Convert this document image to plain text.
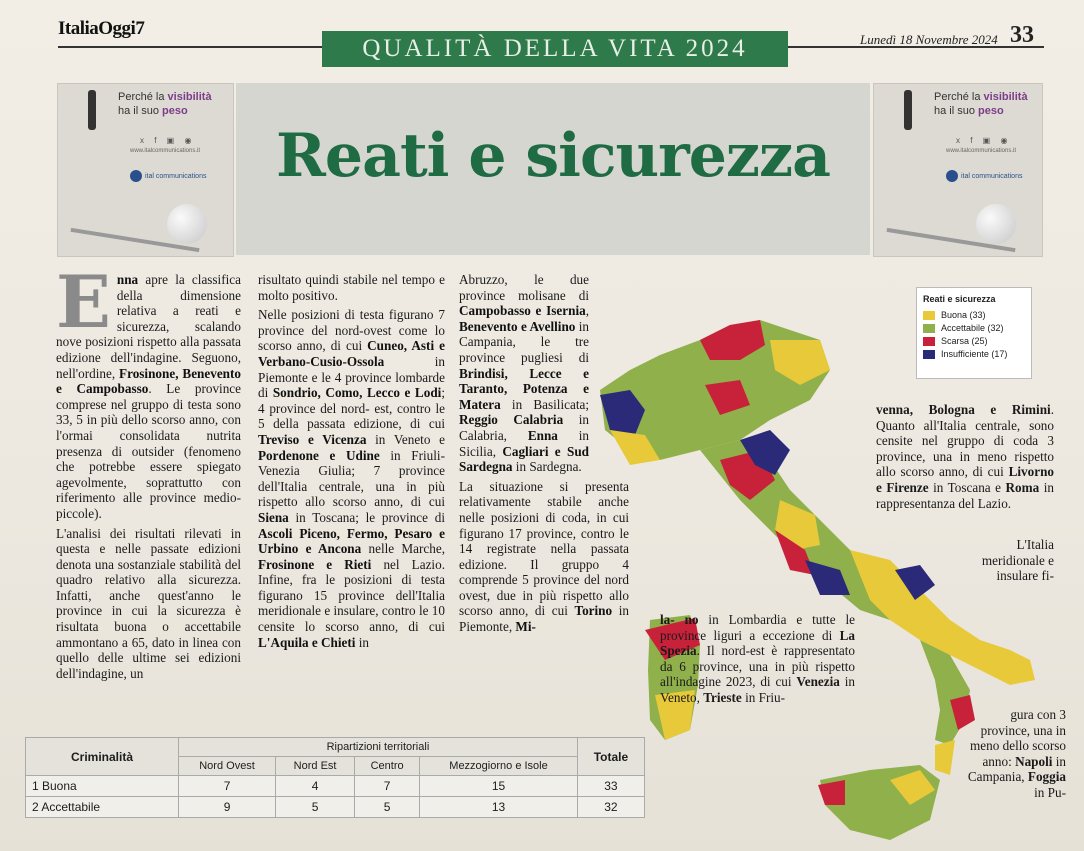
ItaliaOggi7
QUALITÀ DELLA VITA 2024	Lunedì 18 Novembre 2024 33
Perché la visibilità
ha il suo peso
x f ▣ ◉
www.italcommunications.it
ital communications	Reati e sicurezza
Perché la visibilità
ha il suo peso
x f ▣ ◉
www.italcommunications.it
ital communications

Enna apre la classifica della dimensione relativa a reati e sicurezza, scalando nove posizioni rispetto alla passata edizione dell'indagine. Seguono, nell'ordine, Frosinone, Benevento e Campobasso. Le province comprese nel gruppo di testa sono 33, 5 in più dello scorso anno, con l'ormai consolidata nutrita presenza di outsider (fenomeno che potrebbe essere spiegato agevolmente, soprattutto con riferimento alle province medio-piccole).

L'analisi dei risultati rilevati in questa e nelle passate edizioni denota una sostanziale stabilità del quadro relativo alla sicurezza. Infatti, anche quest'anno le province in cui la sicurezza è risultata buona o accettabile ammontano a 65, dato in linea con quello delle ultime sei edizioni dell'indagine, un

risultato quindi stabile nel tempo e molto positivo.

Nelle posizioni di testa figurano 7 province del nord-ovest come lo scorso anno, di cui Cuneo, Asti e Verbano-Cusio-Ossola in Piemonte e le 4 province lombarde di Sondrio, Como, Lecco e Lodi; 4 province del nord- est, contro le 5 della passata edizione, di cui Treviso e Vicenza in Veneto e Pordenone e Udine in Friuli-Venezia Giulia; 7 province dell'Italia centrale, una in più rispetto allo scorso anno, di cui Siena in Toscana; le province di Ascoli Piceno, Fermo, Pesaro e Urbino e Ancona nelle Marche, Frosinone e Rieti nel Lazio. Infine, fra le posizioni di testa figurano 15 province dell'Italia meridionale e insulare, contro le 10 censite lo scorso anno, di cui L'Aquila e Chieti in

Abruzzo, le due province molisane di Campobasso e Isernia, Benevento e Avellino in Campania, le tre province pugliesi di Brindisi, Lecce e Taranto, Potenza e Matera in Basilicata; Reggio Calabria in Calabria, Enna in Sicilia, Cagliari e Sud Sardegna in Sardegna.

La situazione si presenta relativamente stabile anche nelle posizioni di coda, in cui figurano 17 province, contro le 14 registrate nella passata edizione. Il gruppo 4 comprende 5 province del nord ovest, due in più rispetto allo scorso anno, di cui Torino in Piemonte, Mi-

Reati e sicurezza
Buona (33)
Accettabile (32)
Scarsa (25)
Insufficiente (17)
venna, Bologna e Rimini. Quanto all'Italia centrale, sono censite nel gruppo di coda 3 province, una in meno rispetto allo scorso anno, di cui Livorno e Firenze in Toscana e Roma in rappresentanza del Lazio.
L'Italia meridionale e insulare fi-
gura con 3 province, una in meno dello scorso anno: Napoli in Campania, Foggia in Pu-
la- no in Lombardia e tutte le province liguri a eccezione di La Spezia. Il nord-est è rappresentato da 6 province, una in più rispetto all'indagine 2023, di cui Venezia in Veneto, Trieste in Friu-
Criminalità	Ripartizioni territoriali				Totale
	Nord Ovest	Nord Est	Centro	Mezzogiorno e Isole	
1 Buona	7	4	7	15	33
2 Accettabile	9	5	5	13	32
